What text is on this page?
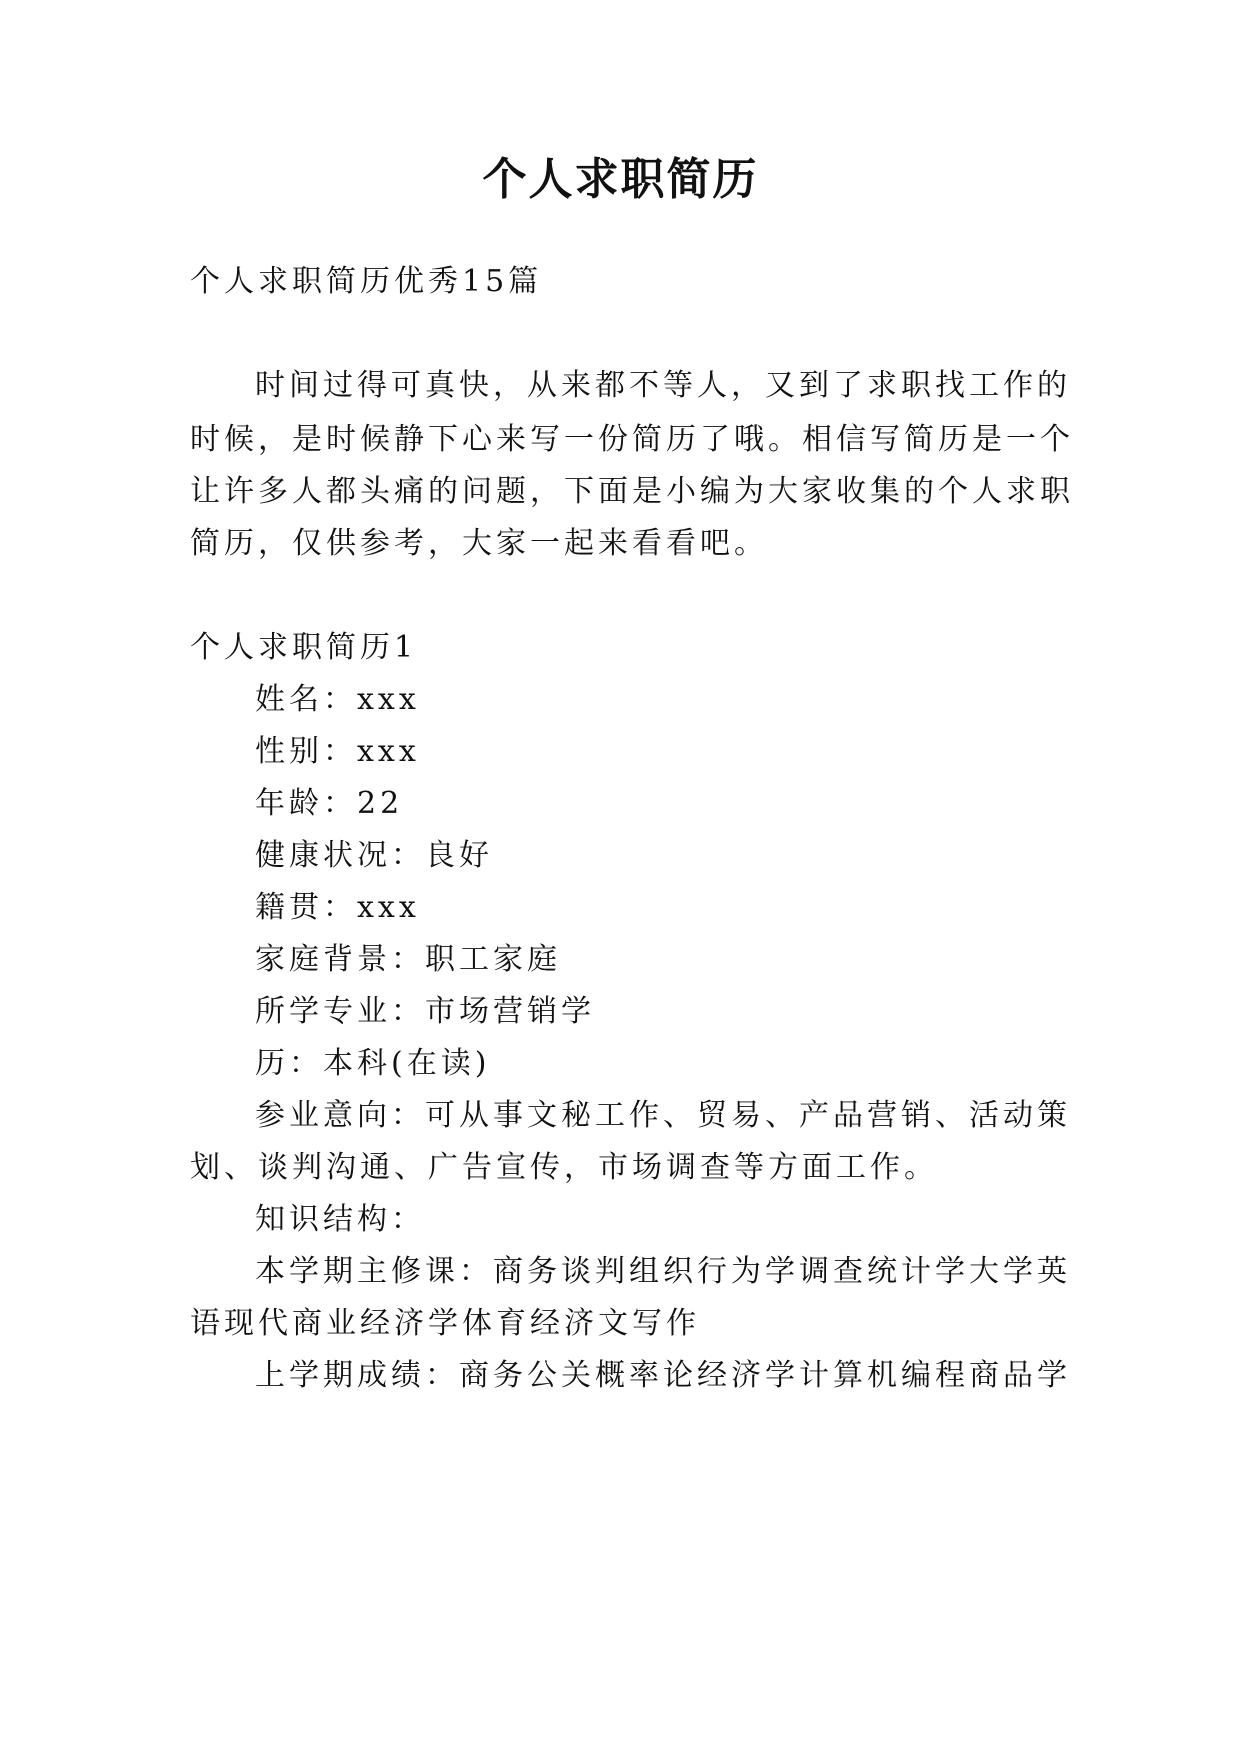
个人求职简历
个人求职简历优秀15篇
时间过得可真快，从来都不等人，又到了求职找工作的
时候，是时候静下心来写一份简历了哦。相信写简历是一个
让许多人都头痛的问题，下面是小编为大家收集的个人求职
简历，仅供参考，大家一起来看看吧。
个人求职简历1
姓名：xxx
性别：xxx
年龄：22
健康状况：良好
籍贯：xxx
家庭背景：职工家庭
所学专业：市场营销学
历：本科(在读)
参业意向：可从事文秘工作、贸易、产品营销、活动策
划、谈判沟通、广告宣传，市场调查等方面工作。
知识结构：
本学期主修课：商务谈判组织行为学调查统计学大学英
语现代商业经济学体育经济文写作
上学期成绩：商务公关概率论经济学计算机编程商品学
